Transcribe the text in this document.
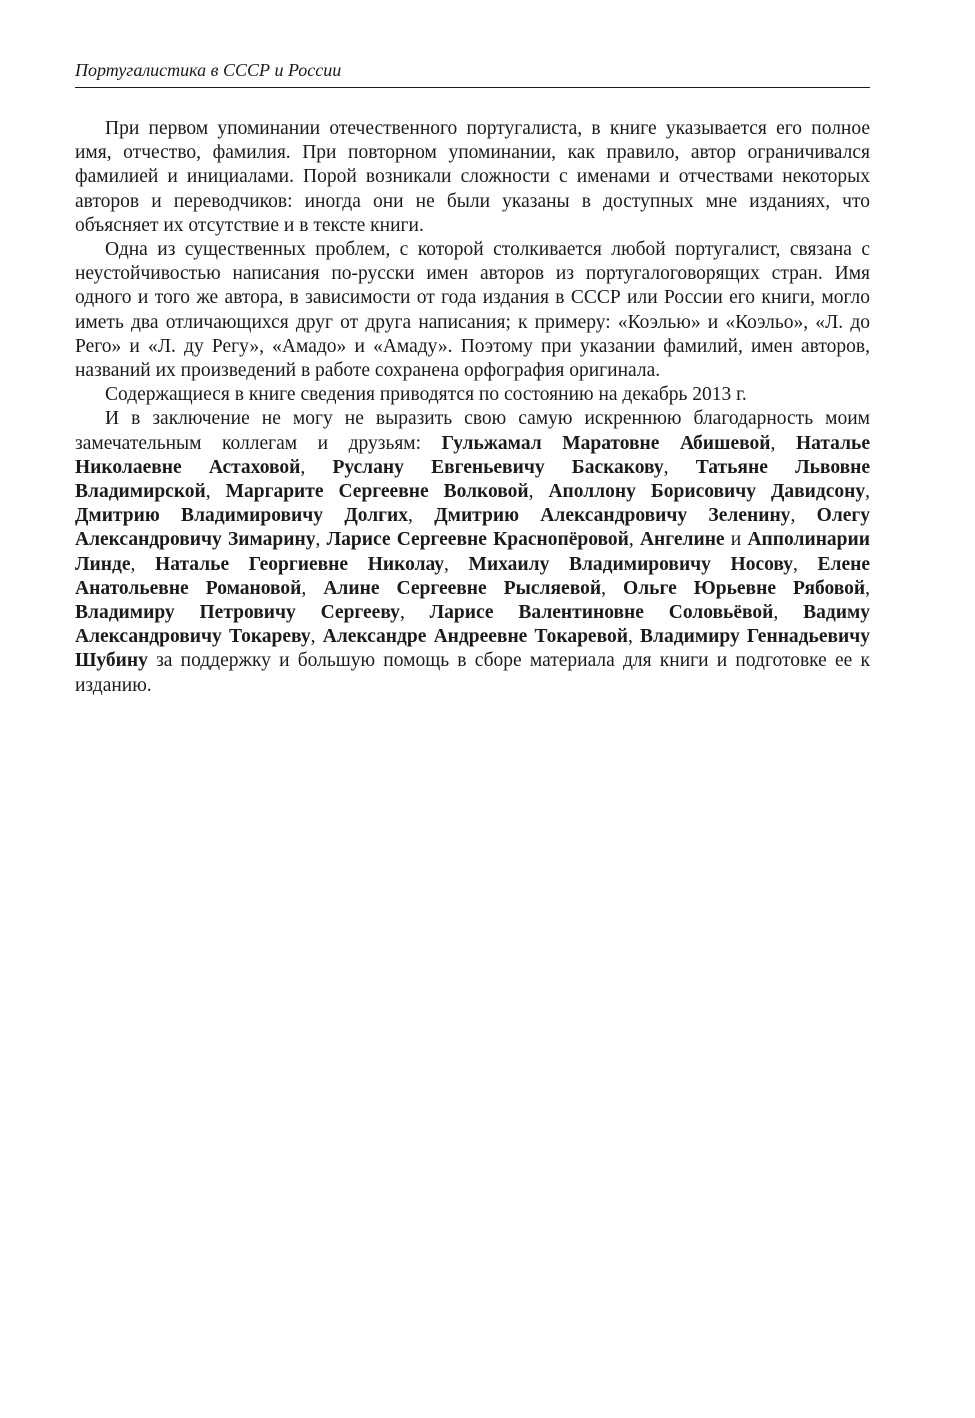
Португалистика в СССР и России

При первом упоминании отечественного португалиста, в книге указывается его полное имя, отчество, фамилия. При повторном упоминании, как правило, автор ограничивался фамилией и инициалами. Порой возникали сложности с именами и отчествами некоторых авторов и переводчиков: иногда они не были указаны в доступных мне изданиях, что объясняет их отсутствие и в тексте книги.

Одна из существенных проблем, с которой столкивается любой португалист, связана с неустойчивостью написания по-русски имен авторов из португалоговорящих стран. Имя одного и того же автора, в зависимости от года издания в СССР или России его книги, могло иметь два отличающихся друг от друга написания; к примеру: «Коэлью» и «Коэльо», «Л. до Рего» и «Л. ду Регу», «Амадо» и «Амаду». Поэтому при указании фамилий, имен авторов, названий их произведений в работе сохранена орфография оригинала.

Содержащиеся в книге сведения приводятся по состоянию на декабрь 2013 г.

И в заключение не могу не выразить свою самую искреннюю благодарность моим замечательным коллегам и друзьям: Гульжамал Маратовне Абишевой, Наталье Николаевне Астаховой, Руслану Евгеньевичу Баскакову, Татьяне Львовне Владимирской, Маргарите Сергеевне Волковой, Аполлону Борисовичу Давидсону, Дмитрию Владимировичу Долгих, Дмитрию Александровичу Зеленину, Олегу Александровичу Зимарину, Ларисе Сергеевне Краснопёровой, Ангелине и Апполинарии Линде, Наталье Георгиевне Николау, Михаилу Владимировичу Носову, Елене Анатольевне Романовой, Алине Сергеевне Рысляевой, Ольге Юрьевне Рябовой, Владимиру Петровичу Сергееву, Ларисе Валентиновне Соловьёвой, Вадиму Александровичу Токареву, Александре Андреевне Токаревой, Владимиру Геннадьевичу Шубину за поддержку и большую помощь в сборе материала для книги и подготовке ее к изданию.
